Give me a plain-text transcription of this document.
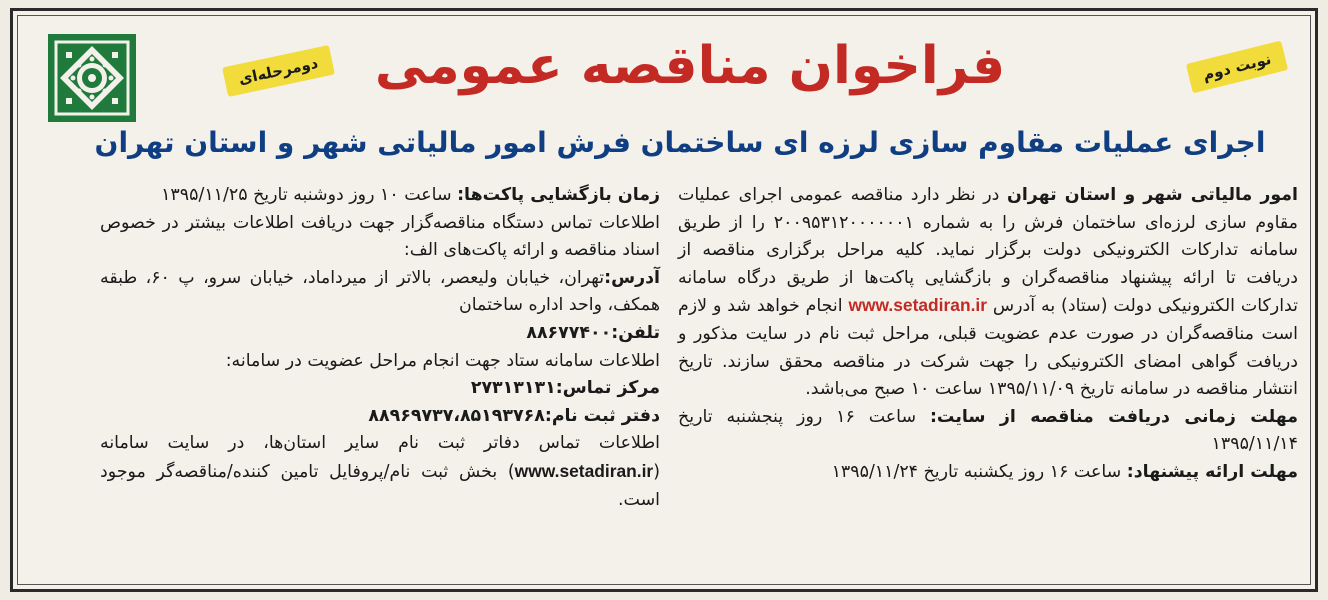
دومرحله‌ای	نوبت دوم
فراخوان مناقصه عمومی
اجرای عملیات مقاوم سازی لرزه ای ساختمان فرش امور مالیاتی شهر و استان تهران

امور مالیاتی شهر و استان تهران در نظر دارد مناقصه عمومی اجرای عملیات مقاوم سازی لرزه‌ای ساختمان فرش را به شماره ۲۰۰۹۵۳۱۲۰۰۰۰۰۰۱ را از طریق سامانه تدارکات الکترونیکی دولت برگزار نماید. کلیه مراحل برگزاری مناقصه از دریافت تا ارائه پیشنهاد مناقصه‌گران و بازگشایی پاکت‌ها از طریق درگاه سامانه تدارکات الکترونیکی دولت (ستاد) به آدرس www.setadiran.ir انجام خواهد شد و لازم است مناقصه‌گران در صورت عدم عضویت قبلی، مراحل ثبت نام در سایت مذکور و دریافت گواهی امضای الکترونیکی را جهت شرکت در مناقصه محقق سازند. تاریخ انتشار مناقصه در سامانه تاریخ ۱۳۹۵/۱۱/۰۹ ساعت ۱۰ صبح می‌باشد.

مهلت زمانی دریافت مناقصه از سایت: ساعت ۱۶ روز پنجشنبه تاریخ ۱۳۹۵/۱۱/۱۴

مهلت ارائه پیشنهاد: ساعت ۱۶ روز یکشنبه تاریخ ۱۳۹۵/۱۱/۲۴

زمان بازگشایی پاکت‌ها: ساعت ۱۰ روز دوشنبه تاریخ ۱۳۹۵/۱۱/۲۵

اطلاعات تماس دستگاه مناقصه‌گزار جهت دریافت اطلاعات بیشتر در خصوص اسناد مناقصه و ارائه پاکت‌های الف:

آدرس:تهران، خیابان ولیعصر، بالاتر از میرداماد، خیابان سرو، پ ۶۰، طبقه همکف، واحد اداره ساختمان

تلفن:۸۸۶۷۷۴۰۰

اطلاعات سامانه ستاد جهت انجام مراحل عضویت در سامانه:

مرکز تماس:۲۷۳۱۳۱۳۱

دفتر ثبت نام:۸۸۹۶۹۷۳۷،۸۵۱۹۳۷۶۸

اطلاعات تماس دفاتر ثبت نام سایر استان‌ها، در سایت سامانه (www.setadiran.ir) بخش ثبت نام/پروفایل تامین کننده/مناقصه‌گر موجود است.
